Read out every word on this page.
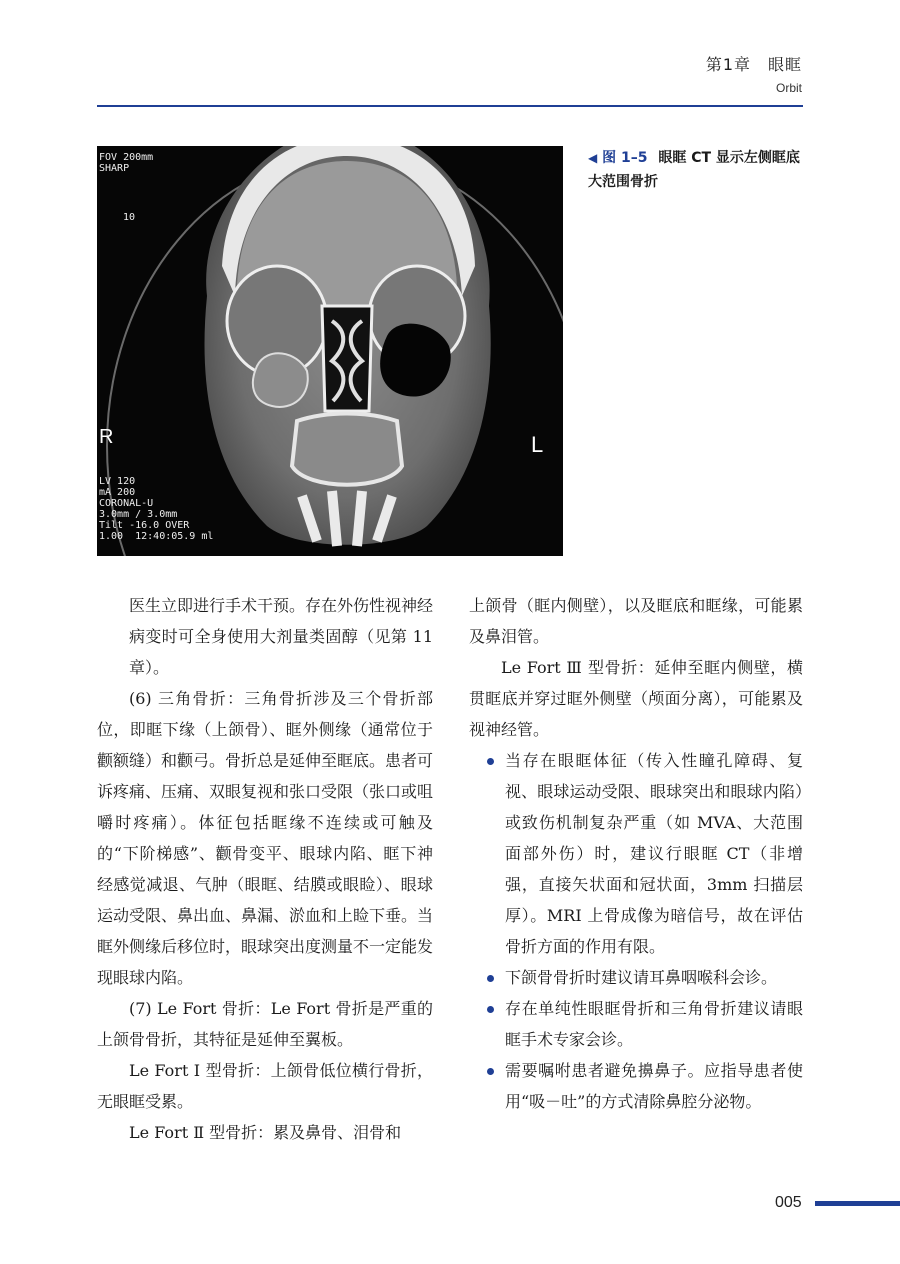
第1章　眼眶
Orbit
FOV 200mm
SHARP
10
LV 120
mA 200
CORONAL-U
3.0mm / 3.0mm
Tilt -16.0 OVER
1.00  12:40:05.9 ml
R	L
◀ 图 1–5 眼眶 CT 显示左侧眶底大范围骨折

医生立即进行手术干预。存在外伤性视神经病变时可全身使用大剂量类固醇（见第 11 章）。

(6) 三角骨折：三角骨折涉及三个骨折部位，即眶下缘（上颌骨）、眶外侧缘（通常位于颧额缝）和颧弓。骨折总是延伸至眶底。患者可诉疼痛、压痛、双眼复视和张口受限（张口或咀嚼时疼痛）。体征包括眶缘不连续或可触及的“下阶梯感”、颧骨变平、眼球内陷、眶下神经感觉减退、气肿（眼眶、结膜或眼睑）、眼球运动受限、鼻出血、鼻漏、淤血和上睑下垂。当眶外侧缘后移位时，眼球突出度测量不一定能发现眼球内陷。

(7) Le Fort 骨折：Le Fort 骨折是严重的上颌骨骨折，其特征是延伸至翼板。

Le Fort Ⅰ 型骨折：上颌骨低位横行骨折，无眼眶受累。

Le Fort Ⅱ 型骨折：累及鼻骨、泪骨和

上颌骨（眶内侧壁），以及眶底和眶缘，可能累及鼻泪管。

Le Fort Ⅲ 型骨折：延伸至眶内侧壁，横贯眶底并穿过眶外侧壁（颅面分离），可能累及视神经管。

当存在眼眶体征（传入性瞳孔障碍、复视、眼球运动受限、眼球突出和眼球内陷）或致伤机制复杂严重（如 MVA、大范围面部外伤）时，建议行眼眶 CT（非增强，直接矢状面和冠状面，3mm 扫描层厚）。MRI 上骨成像为暗信号，故在评估骨折方面的作用有限。
下颌骨骨折时建议请耳鼻咽喉科会诊。
存在单纯性眼眶骨折和三角骨折建议请眼眶手术专家会诊。
需要嘱咐患者避免擤鼻子。应指导患者使用“吸－吐”的方式清除鼻腔分泌物。
005
